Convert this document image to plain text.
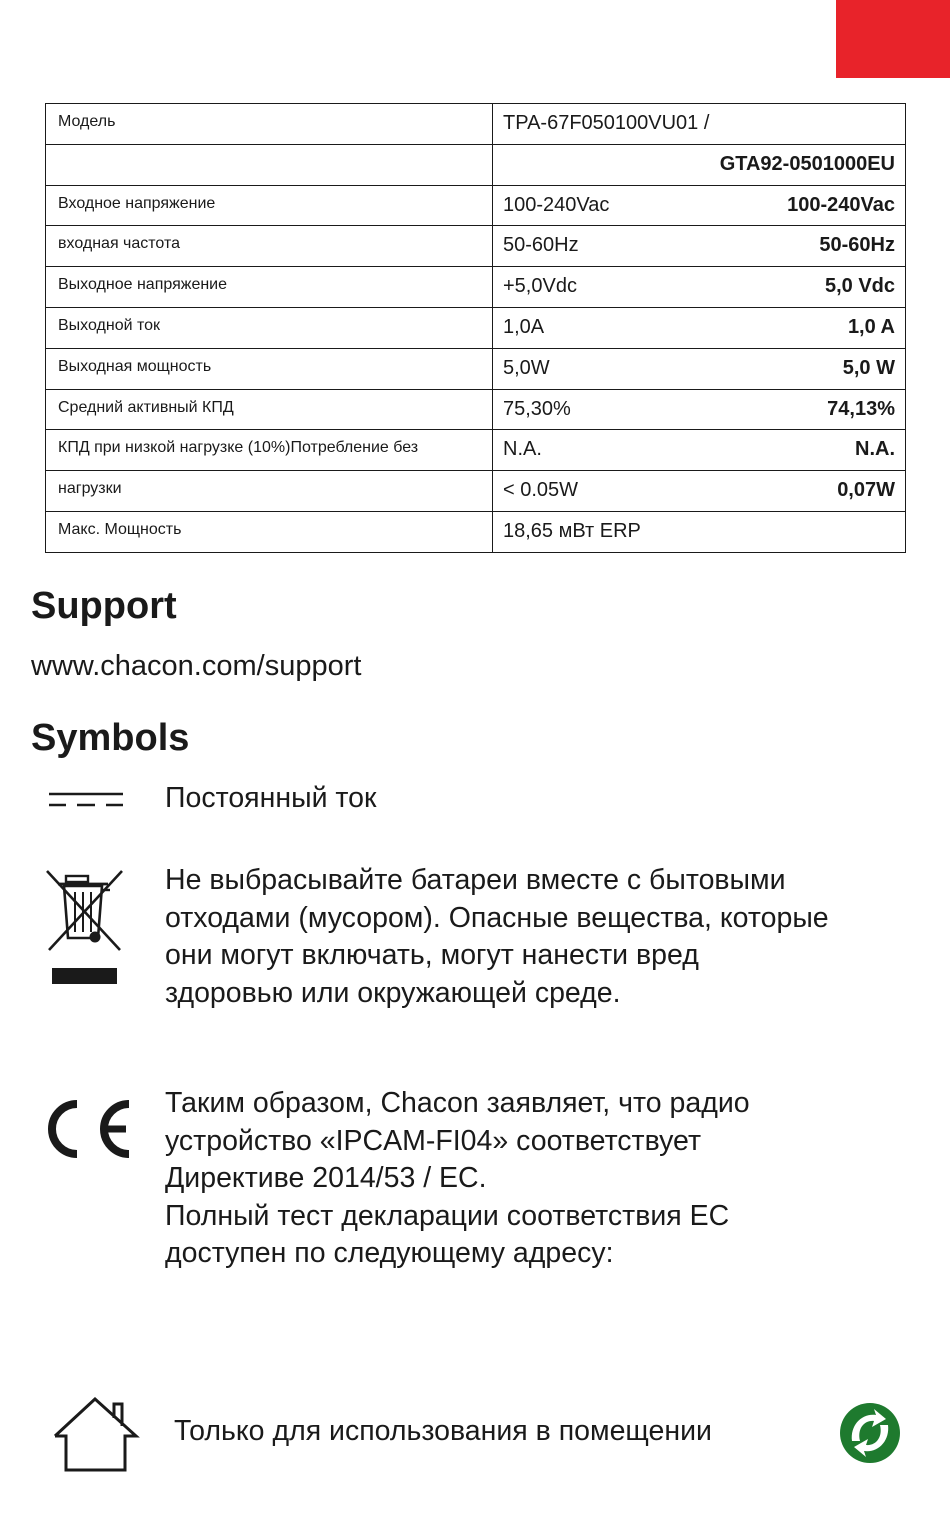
Модель	TPA-67F050100VU01 /

	GTA92-0501000EU

Входное напряжение	100-240Vac 100-240Vac

входная частота	50-60Hz 50-60Hz

Выходное напряжение	+5,0Vdc 5,0 Vdc

Выходной ток	1,0A 1,0 A

Выходная мощность	5,0W 5,0 W

Средний активный КПД	75,30% 74,13%

КПД при низкой нагрузке (10%)Потребление без	N.A. N.A.

нагрузки	< 0.05W 0,07W

Макс. Мощность	18,65 мВт ERP
Support
www.chacon.com/support
Symbols
Постоянный ток
Не выбрасывайте батареи вместе с бытовыми
отходами (мусором). Опасные вещества, которые
они могут включать, могут нанести вред
здоровью или окружающей среде.
Таким образом, Chacon заявляет, что радио
устройство «IPCAM-FI04» соответствует
Директиве 2014/53 / EC.
Полный тест декларации соответствия ЕС
доступен по следующему адресу:
Только для использования в помещении
